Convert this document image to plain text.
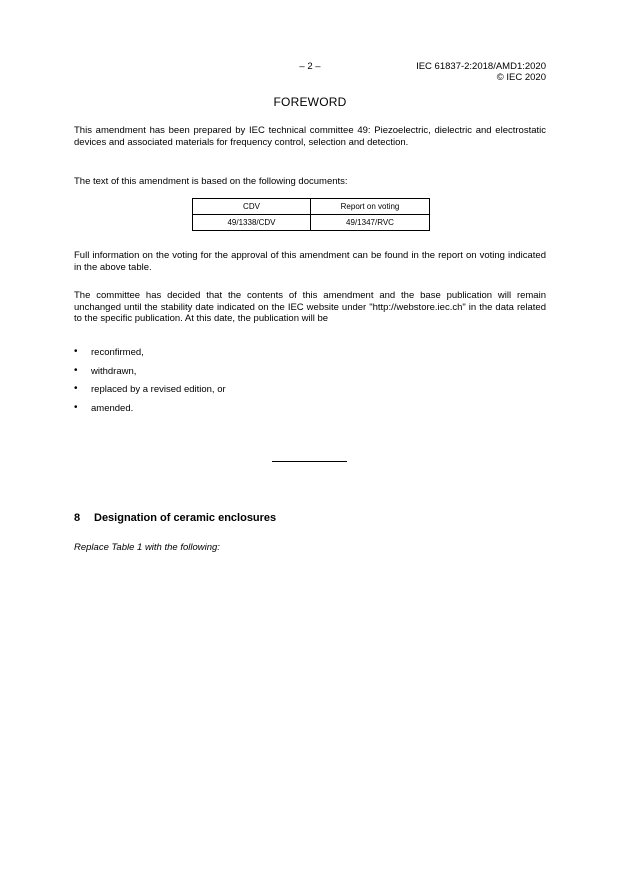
– 2 –	IEC 61837-2:2018/AMD1:2020
© IEC 2020
FOREWORD
This amendment has been prepared by IEC technical committee 49: Piezoelectric, dielectric and electrostatic devices and associated materials for frequency control, selection and detection.
The text of this amendment is based on the following documents:
CDV	Report on voting
49/1338/CDV	49/1347/RVC
Full information on the voting for the approval of this amendment can be found in the report on voting indicated in the above table.
The committee has decided that the contents of this amendment and the base publication will remain unchanged until the stability date indicated on the IEC website under "http://webstore.iec.ch" in the data related to the specific publication. At this date, the publication will be
• reconfirmed,
• withdrawn,
• replaced by a revised edition, or
• amended.
8 Designation of ceramic enclosures
Replace Table 1 with the following:
